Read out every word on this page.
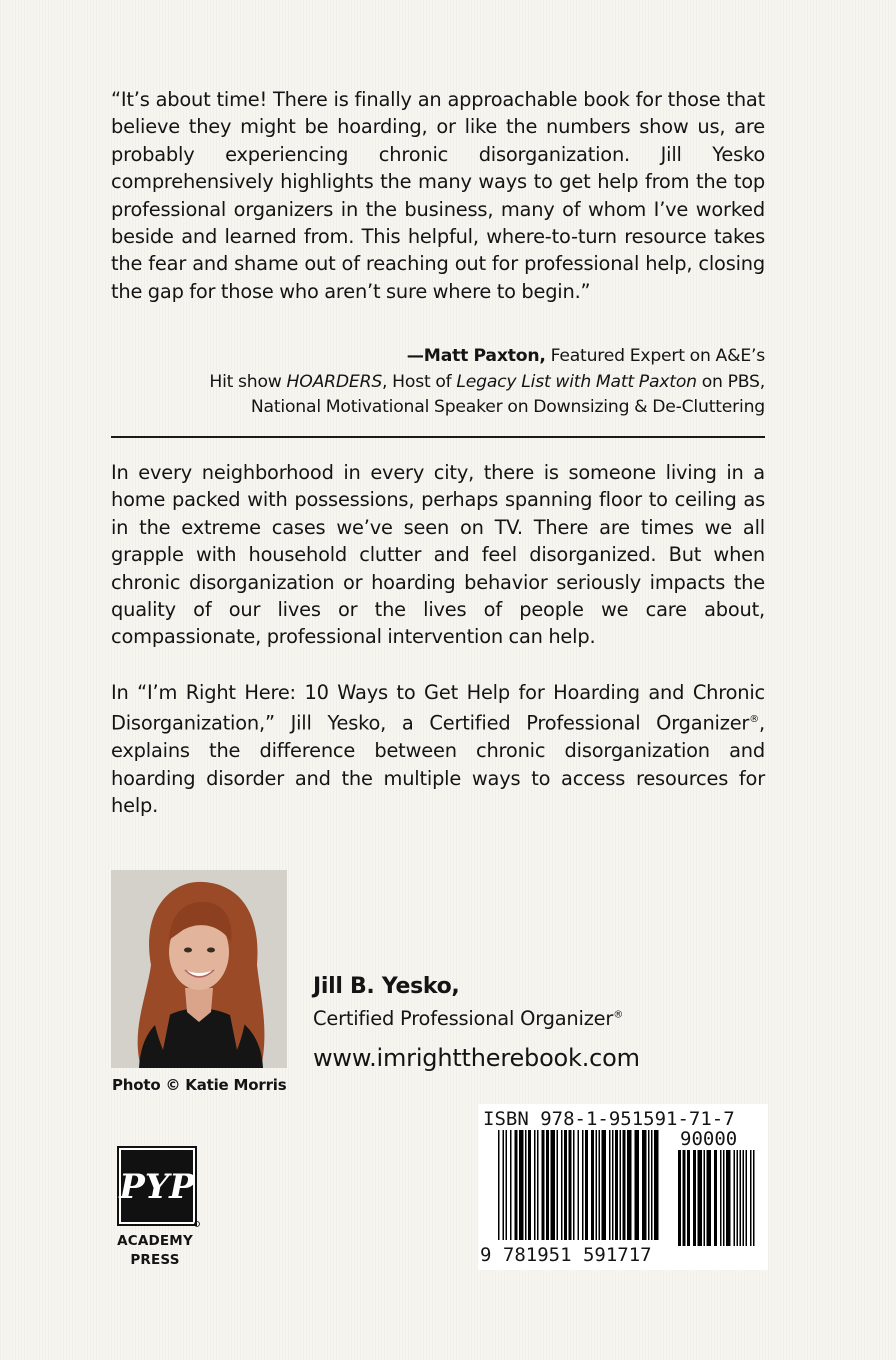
“It’s about time! There is finally an approachable book for those that believe they might be hoarding, or like the numbers show us, are probably experiencing chronic disorganization. Jill Yesko comprehensively highlights the many ways to get help from the top professional organizers in the business, many of whom I’ve worked beside and learned from. This helpful, where-to-turn resource takes the fear and shame out of reaching out for professional help, closing the gap for those who aren’t sure where to begin.”

—Matt Paxton, Featured Expert on A&E’s
Hit show HOARDERS, Host of Legacy List with Matt Paxton on PBS,
National Motivational Speaker on Downsizing & De-Cluttering

In every neighborhood in every city, there is someone living in a home packed with possessions, perhaps spanning floor to ceiling as in the extreme cases we’ve seen on TV. There are times we all grapple with household clutter and feel disorganized. But when chronic disorganization or hoarding behavior seriously impacts the quality of our lives or the lives of people we care about, compassionate, professional intervention can help.

In “I’m Right Here: 10 Ways to Get Help for Hoarding and Chronic Disorganization,” Jill Yesko, a Certified Professional Organizer®, explains the difference between chronic disorganization and hoarding disorder and the multiple ways to access resources for help.

Photo © Katie Morris

Jill B. Yesko,

Certified Professional Organizer®

www.imrighttherebook.com

PYP

ACADEMY
PRESS

ISBN 978-1-951591-71-7

90000

9 781951 591717
